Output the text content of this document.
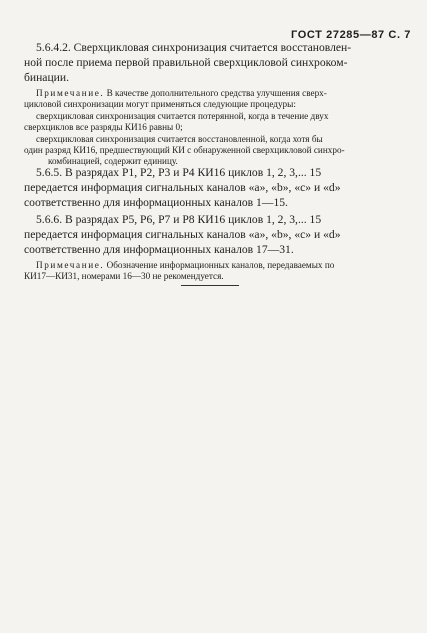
ГОСТ 27285—87 С. 7

5.6.4.2. Сверхцикловая синхронизация считается восстановлен-
ной после приема первой правильной сверхцикловой синхроком-
бинации.

Примечание. В качестве дополнительного средства улучшения сверх-
цикловой синхронизации могут применяться следующие процедуры:
сверхцикловая синхронизация считается потерянной, когда в течение двух
сверхциклов все разряды КИ16 равны 0;
сверхцикловая синхронизация считается восстановленной, когда хотя бы
один разряд КИ16, предшествующий КИ с обнаруженной сверхцикловой синхро-
комбинацией, содержит единицу.

5.6.5. В разрядах Р1, Р2, Р3 и Р4 КИ16 циклов 1, 2, 3,... 15
передается информация сигнальных каналов «a», «b», «c» и «d»
соответственно для информационных каналов 1—15.

5.6.6. В разрядах Р5, Р6, Р7 и Р8 КИ16 циклов 1, 2, 3,... 15
передается информация сигнальных каналов «a», «b», «c» и «d»
соответственно для информационных каналов 17—31.

Примечание. Обозначение информационных каналов, передаваемых по
КИ17—КИ31, номерами 16—30 не рекомендуется.
